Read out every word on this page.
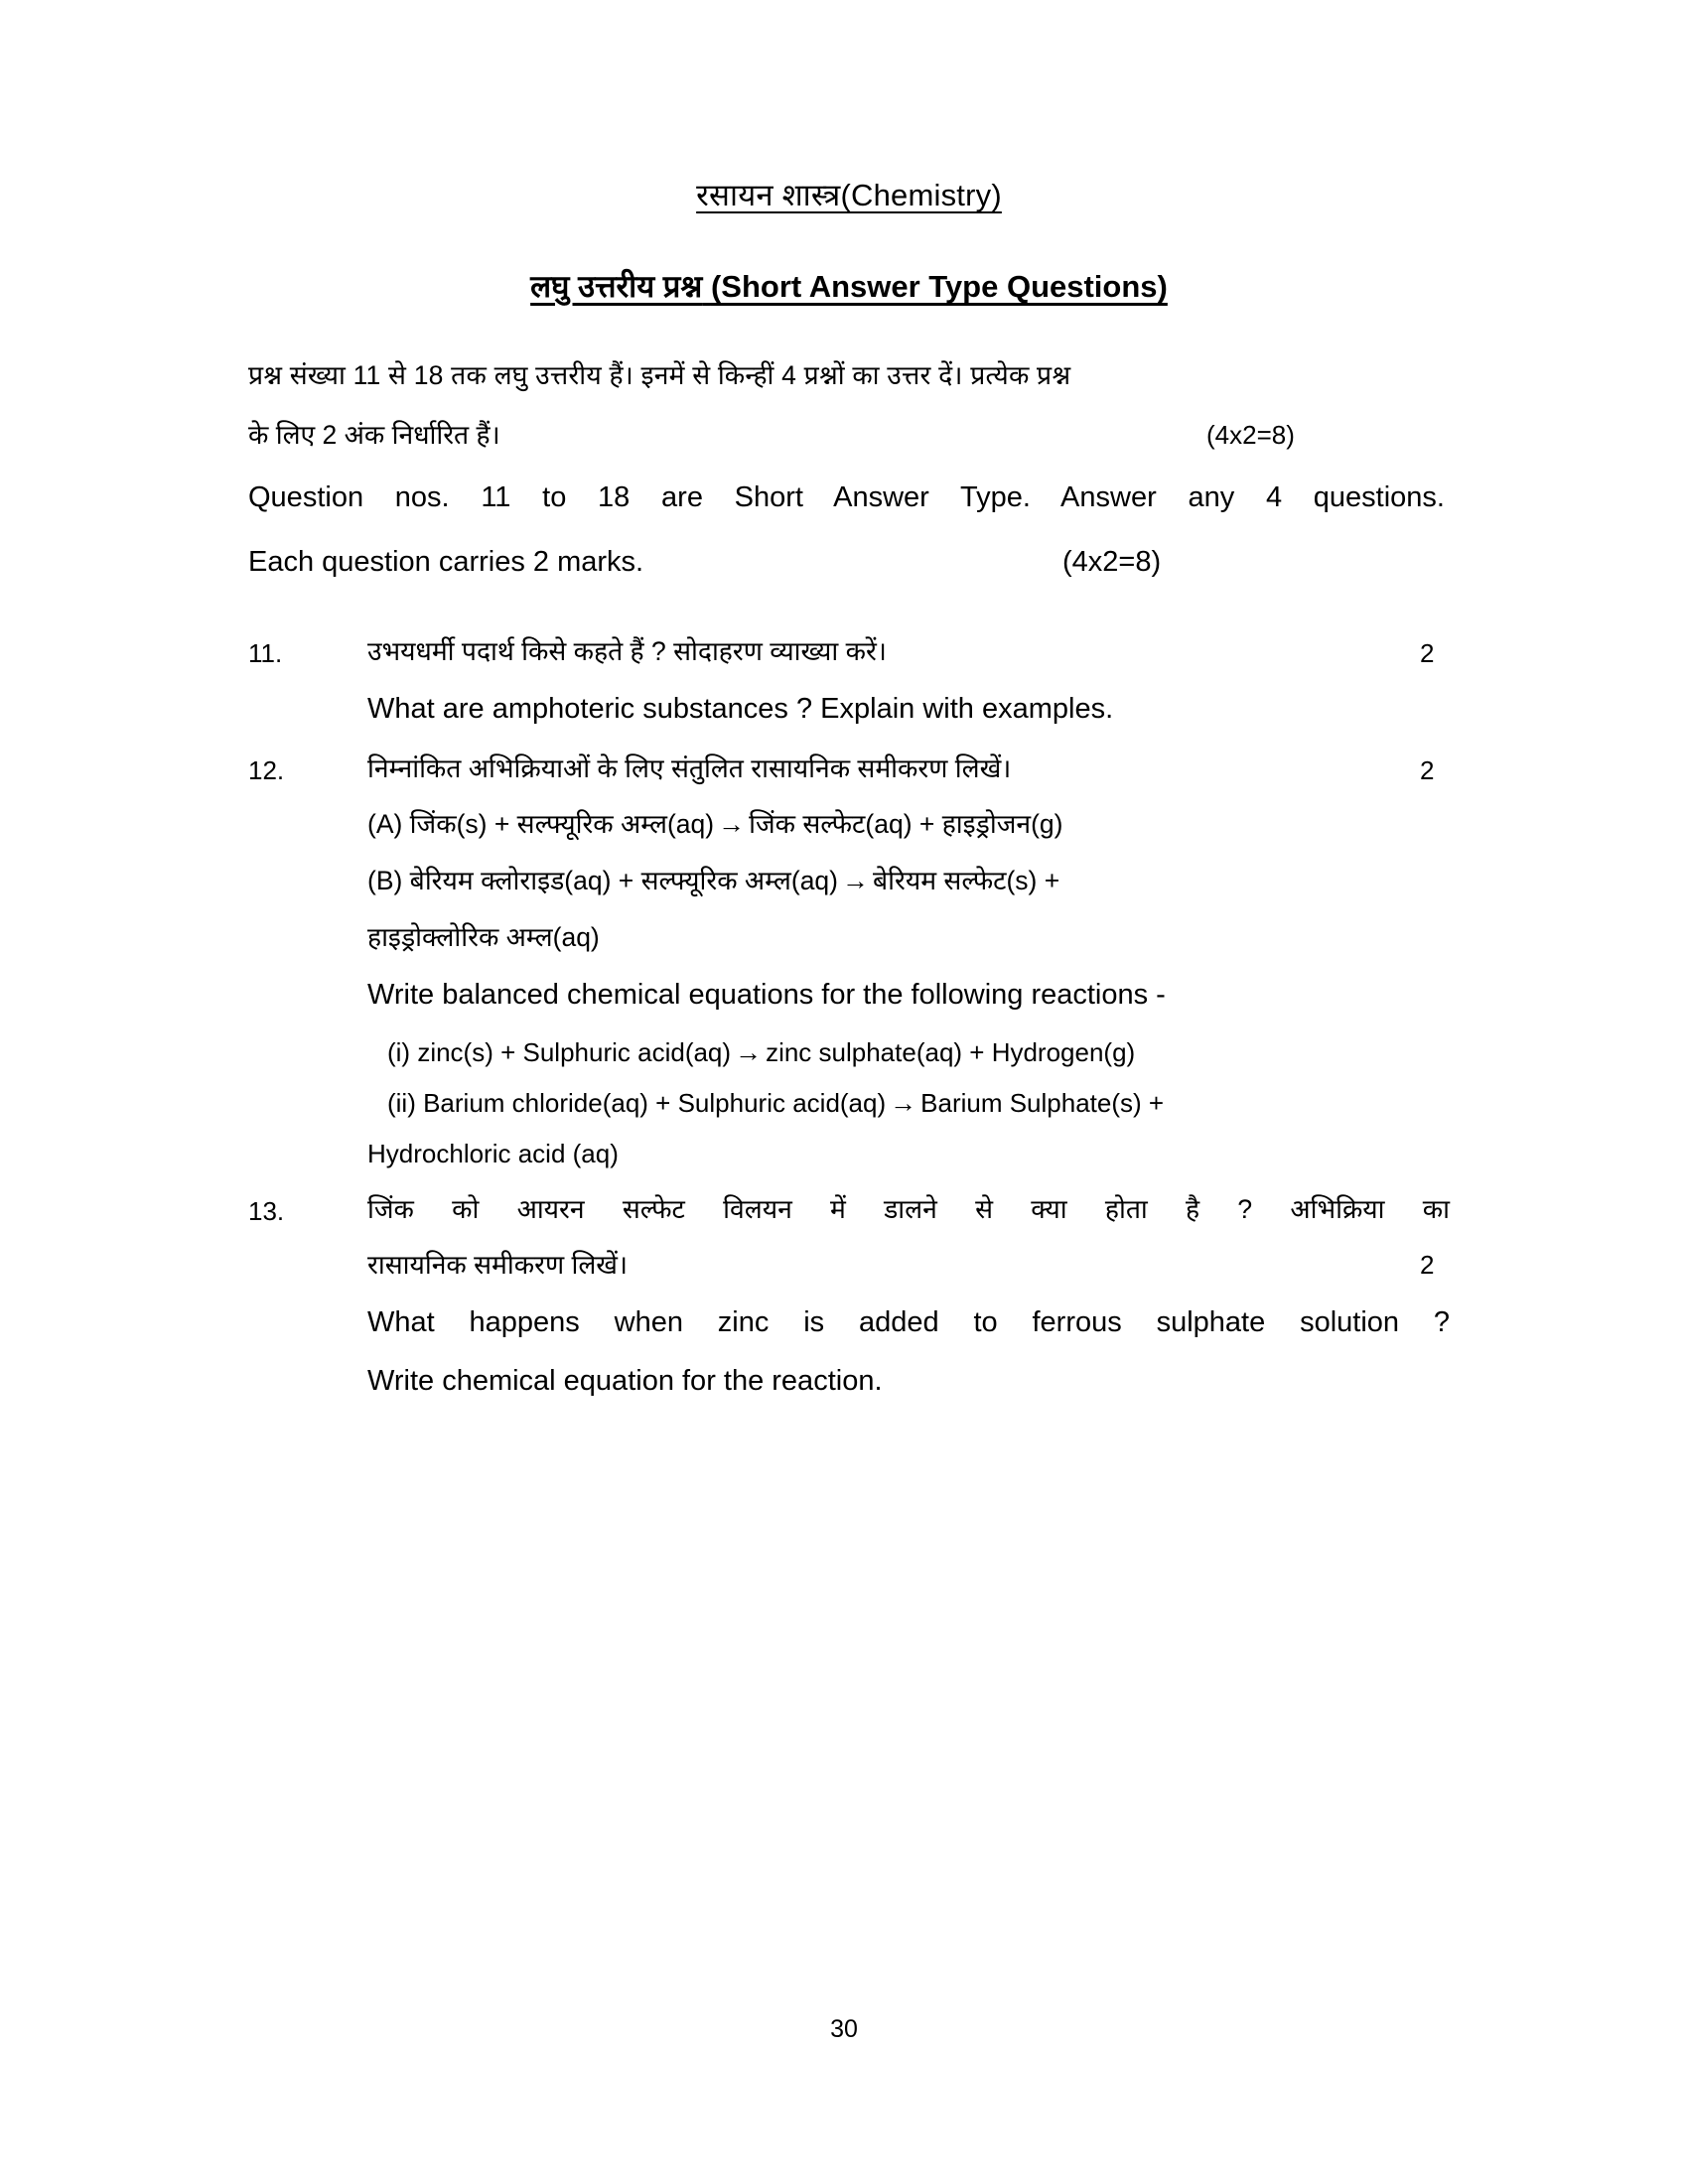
रसायन शास्त्र(Chemistry)
लघु उत्तरीय प्रश्न (Short Answer Type Questions)
प्रश्न संख्या 11 से 18 तक लघु उत्तरीय हैं। इनमें से किन्हीं 4 प्रश्नों का उत्तर दें। प्रत्येक प्रश्न
के लिए 2 अंक निर्धारित हैं।	(4x2=8)
Question nos. 11 to 18 are Short Answer Type. Answer any 4 questions.
Each question carries 2 marks.	(4x2=8)
11.	2
उभयधर्मी पदार्थ किसे कहते हैं ? सोदाहरण व्याख्या करें।
What are amphoteric substances ? Explain with examples.
12.	2
निम्नांकित अभिक्रियाओं के लिए संतुलित रासायनिक समीकरण लिखें।
(A) जिंक(s) + सल्फ्यूरिक अम्ल(aq) → जिंक सल्फेट(aq) + हाइड्रोजन(g)
(B) बेरियम क्लोराइड(aq) + सल्फ्यूरिक अम्ल(aq) → बेरियम सल्फेट(s) +
हाइड्रोक्लोरिक अम्ल(aq)
Write balanced chemical equations for the following reactions -
(i) zinc(s) + Sulphuric acid(aq) → zinc sulphate(aq) + Hydrogen(g)
(ii) Barium chloride(aq) + Sulphuric acid(aq) → Barium Sulphate(s) +
Hydrochloric acid (aq)
13.	जिंक को आयरन सल्फेट विलयन में डालने से क्या होता है ? अभिक्रिया का
रासायनिक समीकरण लिखें।	2
What happens when zinc is added to ferrous sulphate solution ?
Write chemical equation for the reaction.
30
